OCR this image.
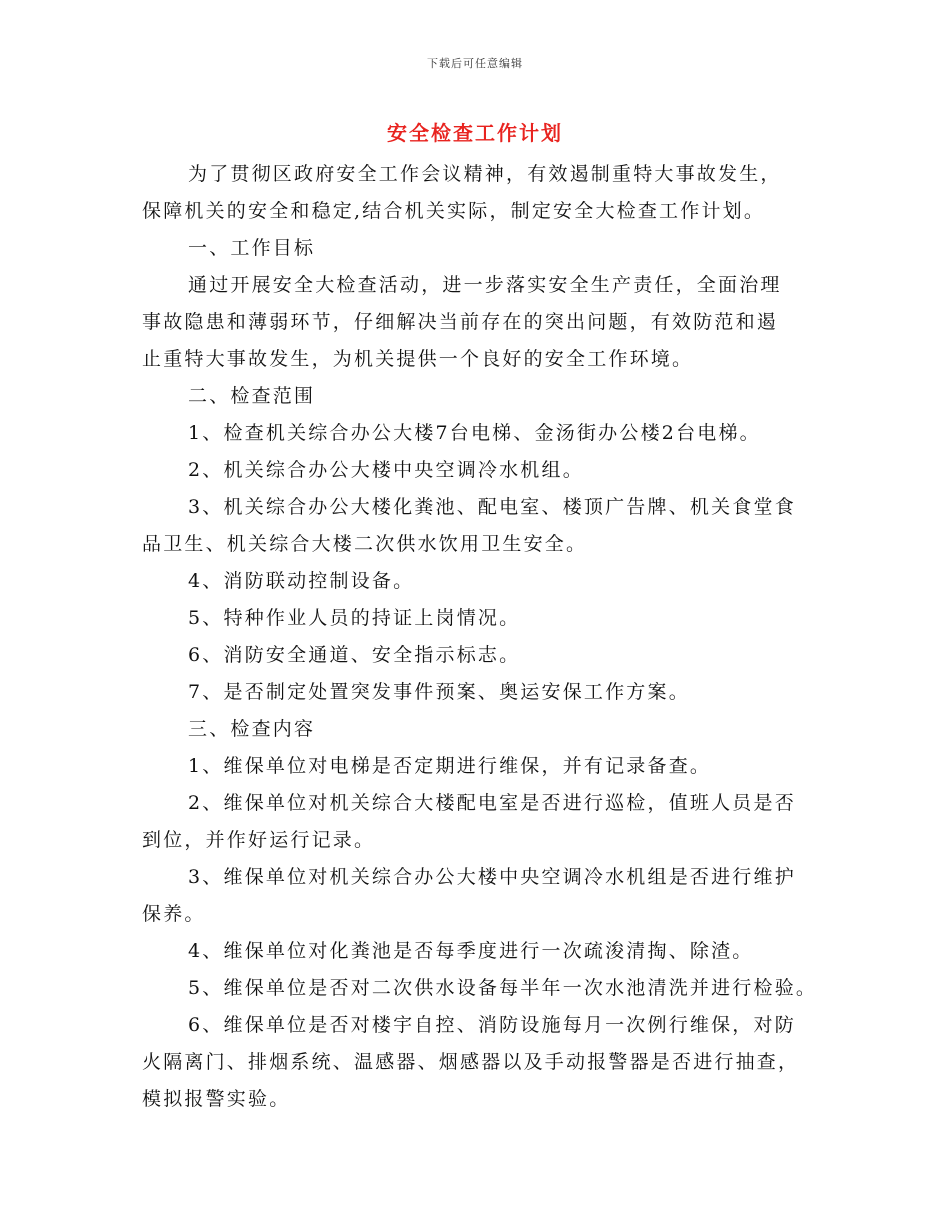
下载后可任意编辑
安全检查工作计划
为了贯彻区政府安全工作会议精神，有效遏制重特大事故发生，
保障机关的安全和稳定,结合机关实际，制定安全大检查工作计划。
一、工作目标
通过开展安全大检查活动，进一步落实安全生产责任，全面治理
事故隐患和薄弱环节，仔细解决当前存在的突出问题，有效防范和遏
止重特大事故发生，为机关提供一个良好的安全工作环境。
二、检查范围
1、检查机关综合办公大楼7台电梯、金汤街办公楼2台电梯。
2、机关综合办公大楼中央空调冷水机组。
3、机关综合办公大楼化粪池、配电室、楼顶广告牌、机关食堂食
品卫生、机关综合大楼二次供水饮用卫生安全。
4、消防联动控制设备。
5、特种作业人员的持证上岗情况。
6、消防安全通道、安全指示标志。
7、是否制定处置突发事件预案、奥运安保工作方案。
三、检查内容
1、维保单位对电梯是否定期进行维保，并有记录备查。
2、维保单位对机关综合大楼配电室是否进行巡检，值班人员是否
到位，并作好运行记录。
3、维保单位对机关综合办公大楼中央空调冷水机组是否进行维护
保养。
4、维保单位对化粪池是否每季度进行一次疏浚清掏、除渣。
5、维保单位是否对二次供水设备每半年一次水池清洗并进行检验。
6、维保单位是否对楼宇自控、消防设施每月一次例行维保，对防
火隔离门、排烟系统、温感器、烟感器以及手动报警器是否进行抽查，
模拟报警实验。
